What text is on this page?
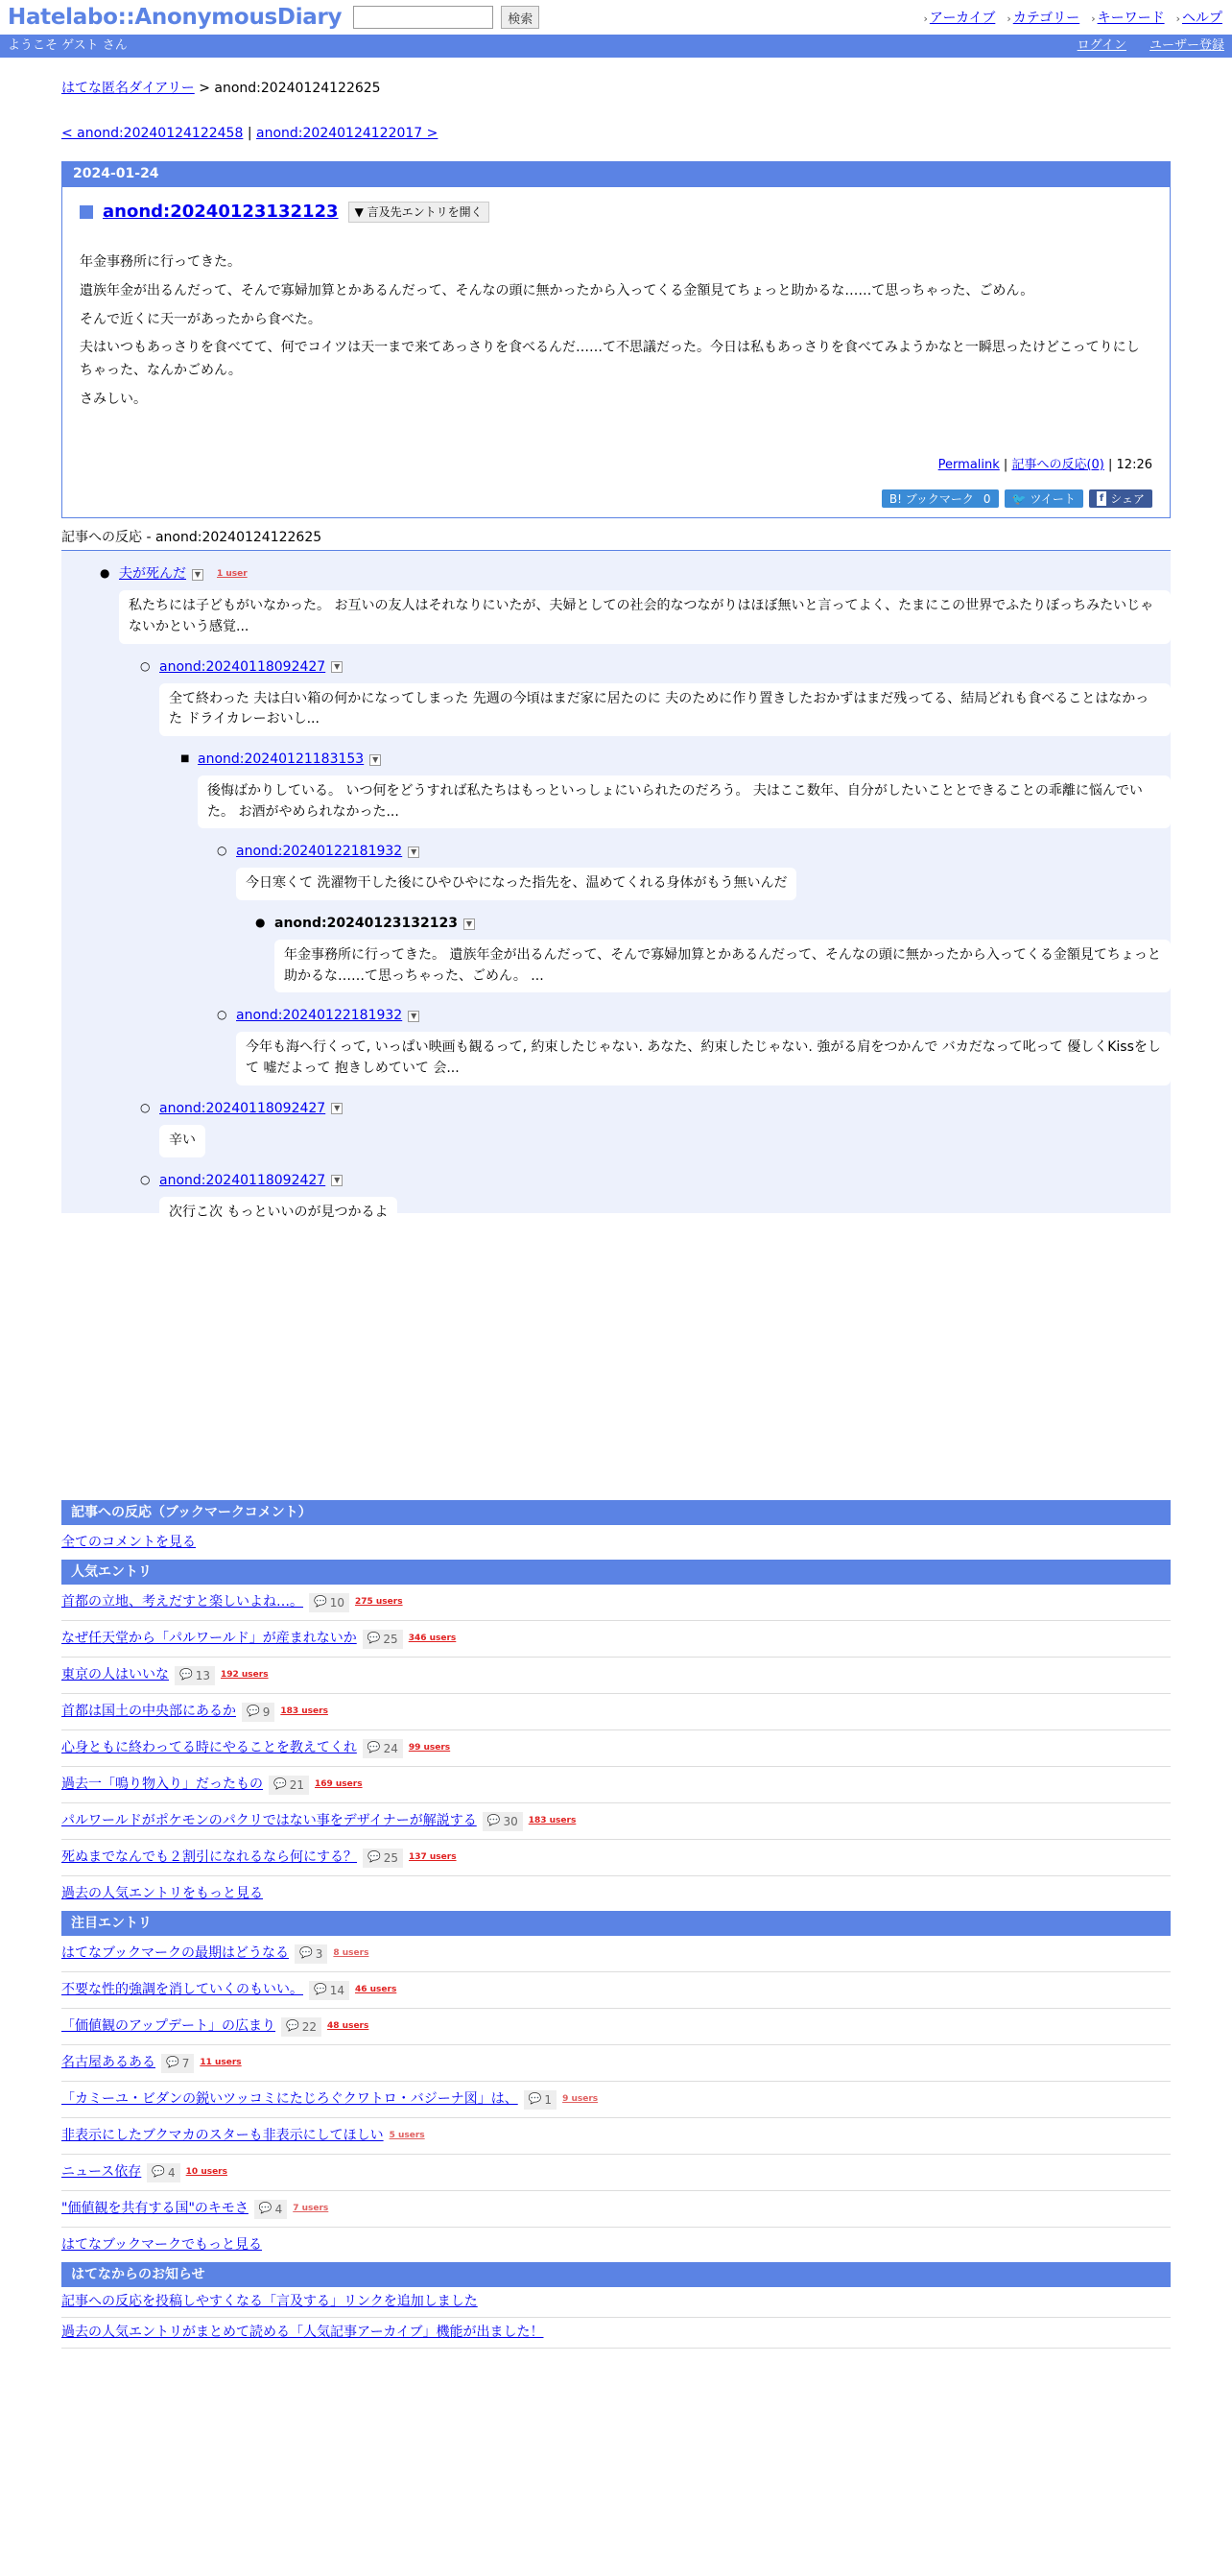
Hatelabo::AnonymousDiary	検索	› アーカイブ › カテゴリー › キーワード › ヘルプ
ようこそ ゲスト さん	ログイン ユーザー登録
はてな匿名ダイアリー > anond:20240124122625
< anond:20240124122458 | anond:20240124122017 >
2024-01-24
anond:20240123132123	▼ 言及先エントリを開く

年金事務所に行ってきた。

遺族年金が出るんだって、そんで寡婦加算とかあるんだって、そんなの頭に無かったから入ってくる金額見てちょっと助かるな……て思っちゃった、ごめん。

そんで近くに天一があったから食べた。

夫はいつもあっさりを食べてて、何でコイツは天一まで来てあっさりを食べるんだ……て不思議だった。今日は私もあっさりを食べてみようかなと一瞬思ったけどこってりにしちゃった、なんかごめん。

さみしい。

Permalink | 記事への反応(0) | 12:26
B! ブックマーク 0 🐦 ツイート	f シェア
記事への反応 - anond:20240124122625
● 夫が死んだ	▼	1 user
私たちには子どもがいなかった。 お互いの友人はそれなりにいたが、夫婦としての社会的なつながりはほぼ無いと言ってよく、たまにこの世界でふたりぼっちみたいじゃないかという感覚...
○ anond:20240118092427	▼
全て終わった 夫は白い箱の何かになってしまった 先週の今頃はまだ家に居たのに 夫のために作り置きしたおかずはまだ残ってる、結局どれも食べることはなかった ドライカレーおいし...
■ anond:20240121183153	▼
後悔ばかりしている。 いつ何をどうすれば私たちはもっといっしょにいられたのだろう。 夫はここ数年、自分がしたいこととできることの乖離に悩んでいた。 お酒がやめられなかった...
○ anond:20240122181932	▼
今日寒くて 洗濯物干した後にひやひやになった指先を、温めてくれる身体がもう無いんだ
● anond:20240123132123	▼
年金事務所に行ってきた。 遺族年金が出るんだって、そんで寡婦加算とかあるんだって、そんなの頭に無かったから入ってくる金額見てちょっと助かるな……て思っちゃった、ごめん。 ...
○ anond:20240122181932	▼
今年も海へ行くって, いっぱい映画も観るって, 約束したじゃない. あなた、約束したじゃない. 強がる肩をつかんで バカだなって叱って 優しくKissをして 嘘だよって 抱きしめていて 会...
○ anond:20240118092427	▼
辛い
○ anond:20240118092427	▼
次行こ次 もっといいのが見つかるよ
記事への反応（ブックマークコメント）
全てのコメントを見る
人気エントリ
首都の立地、考えだすと楽しいよね…。 💬 10 275 users
なぜ任天堂から「パルワールド」が産まれないか 💬 25 346 users
東京の人はいいな 💬 13 192 users
首都は国土の中央部にあるか 💬 9 183 users
心身ともに終わってる時にやることを教えてくれ 💬 24 99 users
過去一「鳴り物入り」だったもの 💬 21 169 users
パルワールドがポケモンのパクリではない事をデザイナーが解説する 💬 30 183 users
死ぬまでなんでも２割引になれるなら何にする？ 💬 25 137 users
過去の人気エントリをもっと見る
注目エントリ
はてなブックマークの最期はどうなる 💬 3 8 users
不要な性的強調を消していくのもいい。 💬 14 46 users
「価値観のアップデート」の広まり 💬 22 48 users
名古屋あるある 💬 7 11 users
「カミーユ・ビダンの鋭いツッコミにたじろぐクワトロ・バジーナ図」は、 💬 1 9 users
非表示にしたブクマカのスターも非表示にしてほしい 5 users
ニュース依存 💬 4 10 users
"価値観を共有する国"のキモさ 💬 4 7 users
はてなブックマークでもっと見る
はてなからのお知らせ
記事への反応を投稿しやすくなる「言及する」リンクを追加しました
過去の人気エントリがまとめて読める「人気記事アーカイブ」機能が出ました！
